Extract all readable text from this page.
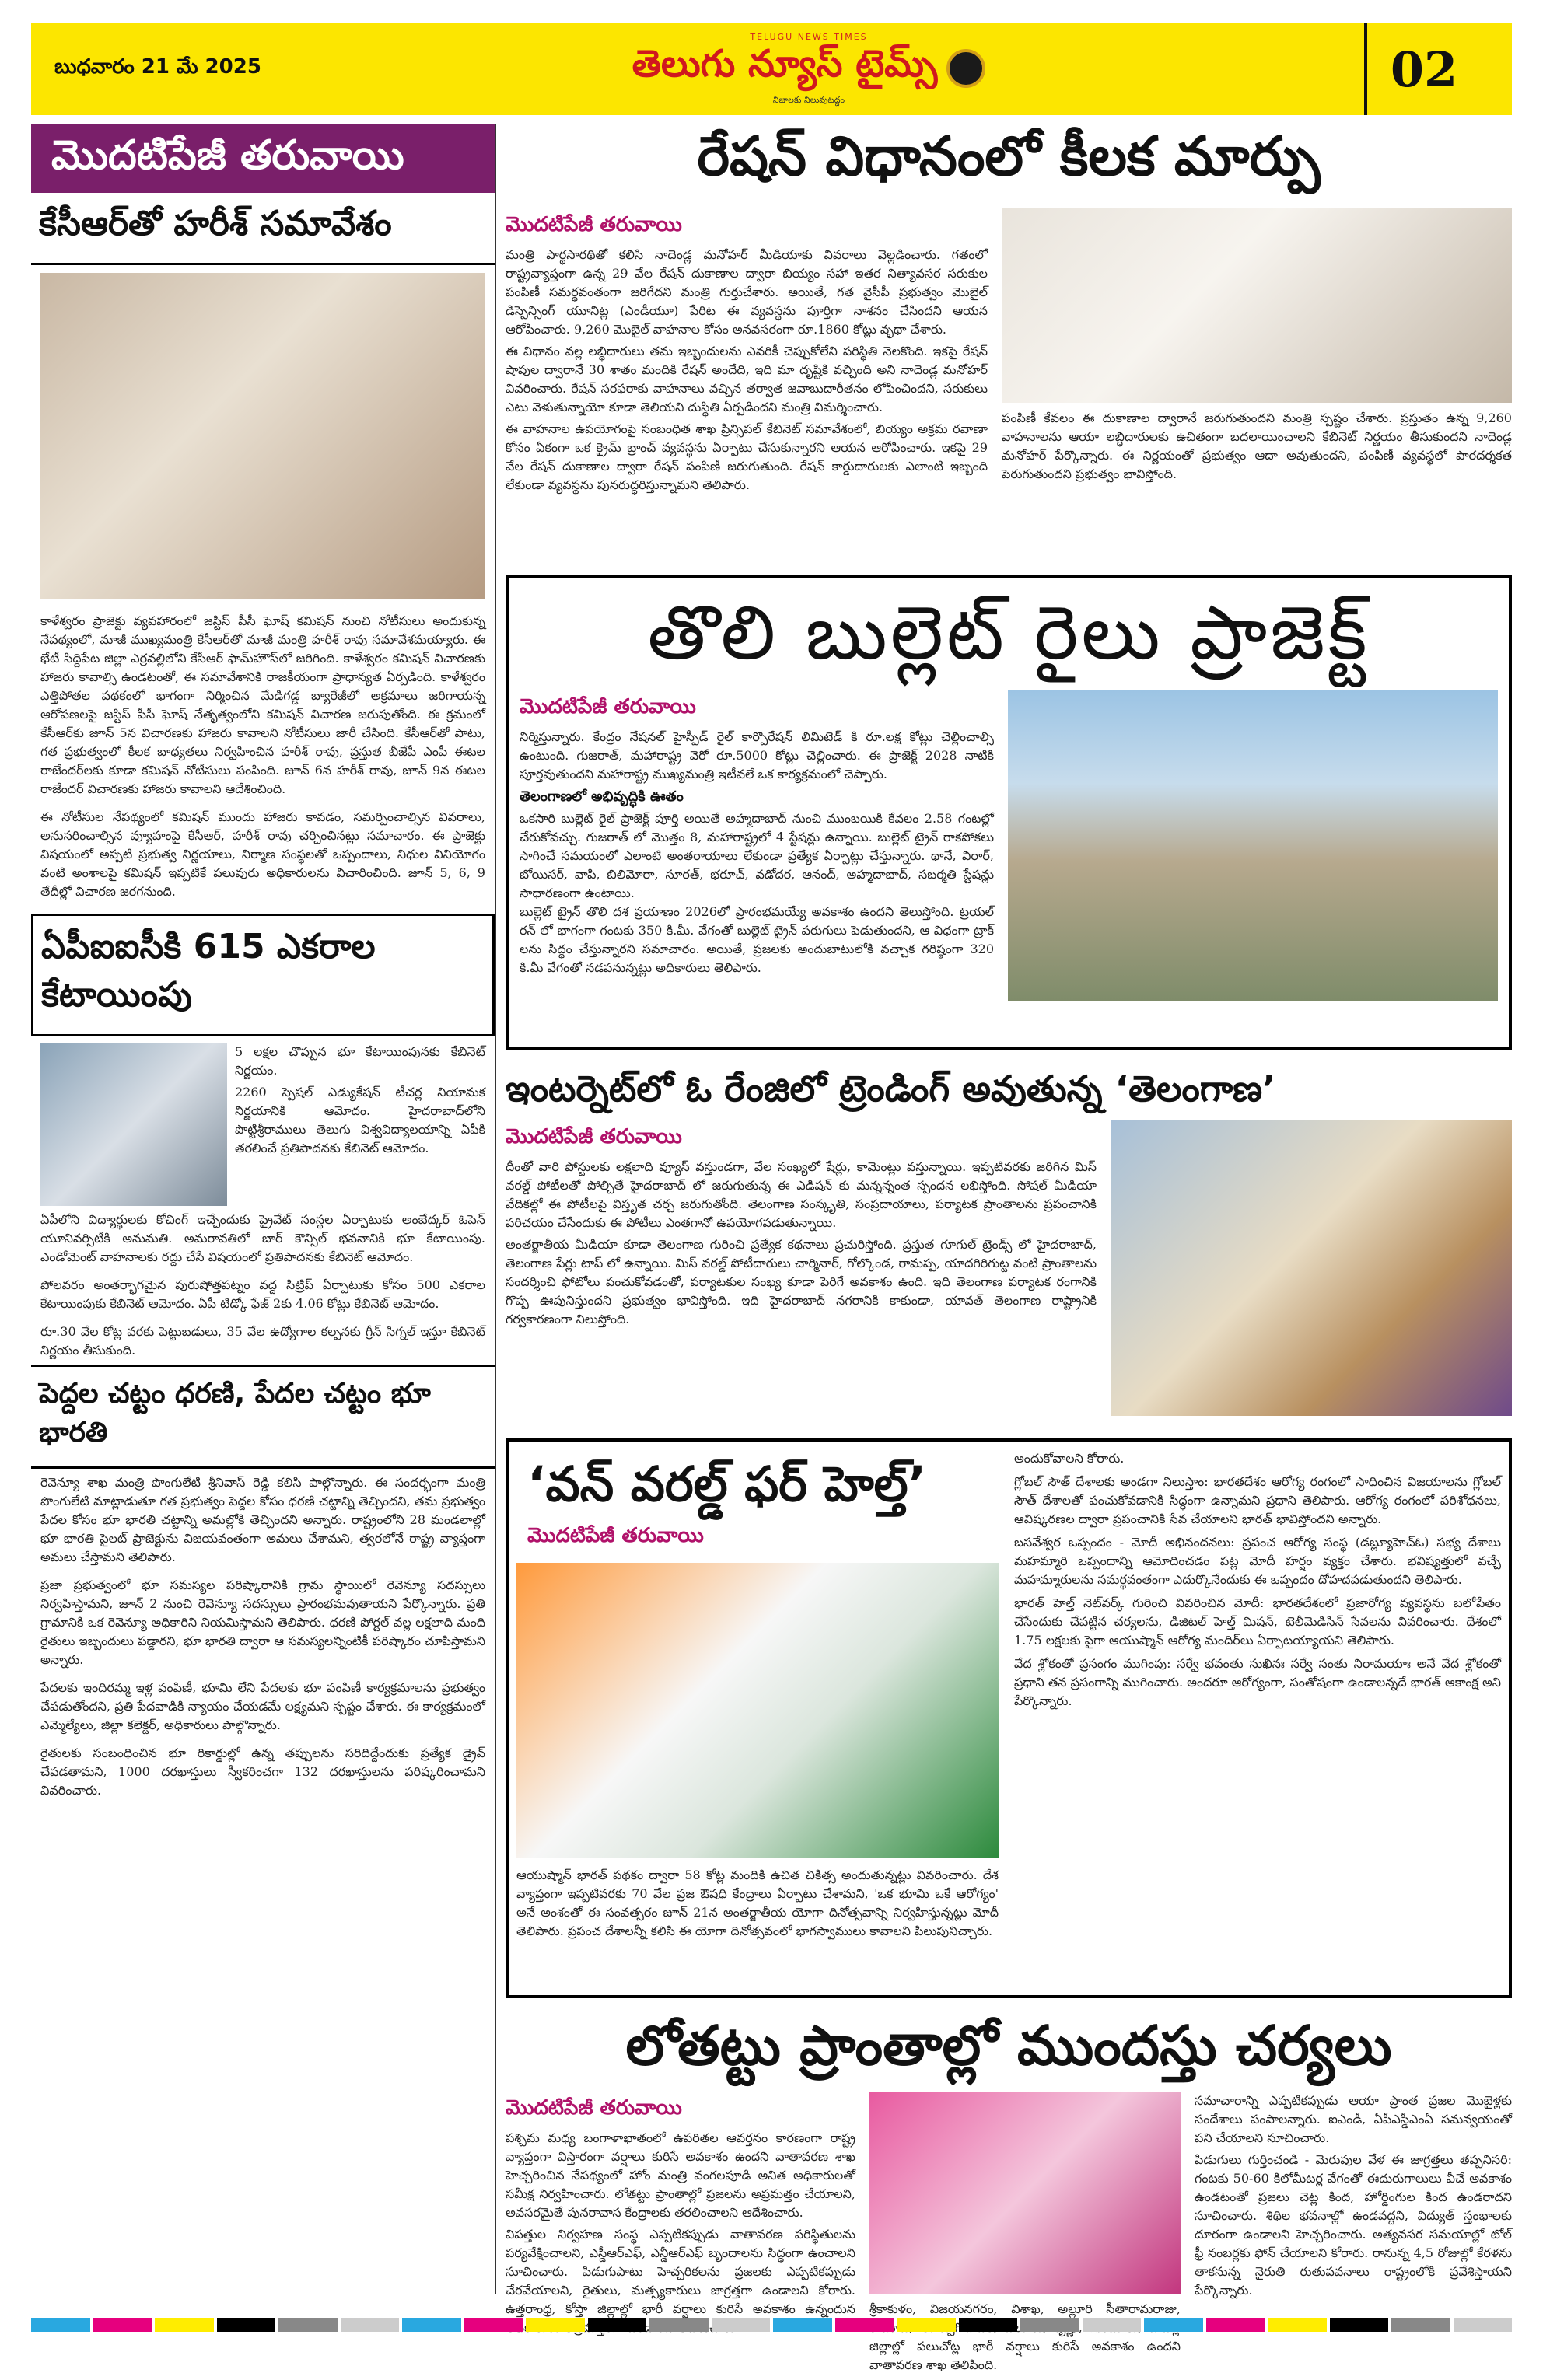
బుధవారం 21 మే 2025
TELUGU NEWS TIMES
తెలుగు న్యూస్ టైమ్స్
నిజాలకు నిలువుటద్దం
02
మొదటిపేజీ తరువాయి
కేసీఆర్‌తో హరీశ్ సమావేశం

కాళేశ్వరం ప్రాజెక్టు వ్యవహారంలో జస్టిస్ పీసీ ఘోష్ కమిషన్ నుంచి నోటీసులు అందుకున్న నేపథ్యంలో, మాజీ ముఖ్యమంత్రి కేసీఆర్‌తో మాజీ మంత్రి హరీశ్ రావు సమావేశమయ్యారు. ఈ భేటీ సిద్దిపేట జిల్లా ఎర్రవల్లిలోని కేసీఆర్ ఫామ్‌హౌస్‌లో జరిగింది. కాళేశ్వరం కమిషన్ విచారణకు హాజరు కావాల్సి ఉండటంతో, ఈ సమావేశానికి రాజకీయంగా ప్రాధాన్యత ఏర్పడింది. కాళేశ్వరం ఎత్తిపోతల పథకంలో భాగంగా నిర్మించిన మేడిగడ్డ బ్యారేజీలో అక్రమాలు జరిగాయన్న ఆరోపణలపై జస్టిస్ పీసీ ఘోష్ నేతృత్వంలోని కమిషన్ విచారణ జరుపుతోంది. ఈ క్రమంలో కేసీఆర్‌కు జూన్ 5న విచారణకు హాజరు కావాలని నోటీసులు జారీ చేసింది. కేసీఆర్‌తో పాటు, గత ప్రభుత్వంలో కీలక బాధ్యతలు నిర్వహించిన హరీశ్ రావు, ప్రస్తుత బీజేపీ ఎంపీ ఈటల రాజేందర్‌లకు కూడా కమిషన్ నోటీసులు పంపింది. జూన్ 6న హరీశ్ రావు, జూన్ 9న ఈటల రాజేందర్ విచారణకు హాజరు కావాలని ఆదేశించింది.

ఈ నోటీసుల నేపథ్యంలో కమిషన్ ముందు హాజరు కావడం, సమర్పించాల్సిన వివరాలు, అనుసరించాల్సిన వ్యూహంపై కేసీఆర్, హరీశ్ రావు చర్చించినట్లు సమాచారం. ఈ ప్రాజెక్టు విషయంలో అప్పటి ప్రభుత్వ నిర్ణయాలు, నిర్మాణ సంస్థలతో ఒప్పందాలు, నిధుల వినియోగం వంటి అంశాలపై కమిషన్ ఇప్పటికే పలువురు అధికారులను విచారించింది. జూన్ 5, 6, 9 తేదీల్లో విచారణ జరగనుంది.

ఏపీఐఐసీకి 615 ఎకరాల కేటాయింపు

5 లక్షల చొప్పున భూ కేటాయింపునకు కేబినెట్ నిర్ణయం.

2260 స్పెషల్ ఎడ్యుకేషన్ టీచర్ల నియామక నిర్ణయానికి ఆమోదం. హైదరాబాద్‌లోని పొట్టిశ్రీరాములు తెలుగు విశ్వవిద్యాలయాన్ని ఏపీకి తరలించే ప్రతిపాదనకు కేబినెట్ ఆమోదం.

ఏపీలోని విద్యార్థులకు కోచింగ్ ఇచ్చేందుకు ప్రైవేట్ సంస్థల ఏర్పాటుకు అంబేద్కర్ ఓపెన్ యూనివర్సిటీకి అనుమతి. అమరావతిలో బార్ కౌన్సిల్ భవనానికి భూ కేటాయింపు. ఎండోమెంట్ వాహనాలకు రద్దు చేసే విషయంలో ప్రతిపాదనకు కేబినెట్ ఆమోదం.

పోలవరం అంతర్భాగమైన పురుషోత్తపట్నం వద్ద సిట్రిప్ ఏర్పాటుకు కోసం 500 ఎకరాల కేటాయింపుకు కేబినెట్ ఆమోదం. ఏపీ టిడ్కో ఫేజ్ 2కు 4.06 కోట్లు కేబినెట్ ఆమోదం.

రూ.30 వేల కోట్ల వరకు పెట్టుబడులు, 35 వేల ఉద్యోగాల కల్పనకు గ్రీన్ సిగ్నల్ ఇస్తూ కేబినెట్ నిర్ణయం తీసుకుంది.

పెద్దల చట్టం ధరణి, పేదల చట్టం భూ భారతి

రెవెన్యూ శాఖ మంత్రి పొంగులేటి శ్రీనివాస్ రెడ్డి కలిసి పాల్గొన్నారు. ఈ సందర్భంగా మంత్రి పొంగులేటి మాట్లాడుతూ గత ప్రభుత్వం పెద్దల కోసం ధరణి చట్టాన్ని తెచ్చిందని, తమ ప్రభుత్వం పేదల కోసం భూ భారతి చట్టాన్ని అమల్లోకి తెచ్చిందని అన్నారు. రాష్ట్రంలోని 28 మండలాల్లో భూ భారతి పైలట్ ప్రాజెక్టును విజయవంతంగా అమలు చేశామని, త్వరలోనే రాష్ట్ర వ్యాప్తంగా అమలు చేస్తామని తెలిపారు.

ప్రజా ప్రభుత్వంలో భూ సమస్యల పరిష్కారానికి గ్రామ స్థాయిలో రెవెన్యూ సదస్సులు నిర్వహిస్తామని, జూన్ 2 నుంచి రెవెన్యూ సదస్సులు ప్రారంభమవుతాయని పేర్కొన్నారు. ప్రతి గ్రామానికి ఒక రెవెన్యూ అధికారిని నియమిస్తామని తెలిపారు. ధరణి పోర్టల్ వల్ల లక్షలాది మంది రైతులు ఇబ్బందులు పడ్డారని, భూ భారతి ద్వారా ఆ సమస్యలన్నింటికీ పరిష్కారం చూపిస్తామని అన్నారు.

పేదలకు ఇందిరమ్మ ఇళ్ల పంపిణీ, భూమి లేని పేదలకు భూ పంపిణీ కార్యక్రమాలను ప్రభుత్వం చేపడుతోందని, ప్రతి పేదవాడికి న్యాయం చేయడమే లక్ష్యమని స్పష్టం చేశారు. ఈ కార్యక్రమంలో ఎమ్మెల్యేలు, జిల్లా కలెక్టర్, అధికారులు పాల్గొన్నారు.

రైతులకు సంబంధించిన భూ రికార్డుల్లో ఉన్న తప్పులను సరిదిద్దేందుకు ప్రత్యేక డ్రైవ్ చేపడతామని, 1000 దరఖాస్తులు స్వీకరించగా 132 దరఖాస్తులను పరిష్కరించామని వివరించారు.

రేషన్ విధానంలో కీలక మార్పు
మొదటిపేజీ తరువాయి

మంత్రి పార్థసారథితో కలిసి నాదెండ్ల మనోహర్ మీడియాకు వివరాలు వెల్లడించారు. గతంలో రాష్ట్రవ్యాప్తంగా ఉన్న 29 వేల రేషన్ దుకాణాల ద్వారా బియ్యం సహా ఇతర నిత్యావసర సరుకుల పంపిణీ సమర్థవంతంగా జరిగేదని మంత్రి గుర్తుచేశారు. అయితే, గత వైసీపీ ప్రభుత్వం మొబైల్ డిస్పెన్సింగ్ యూనిట్ల (ఎండీయూ) పేరిట ఈ వ్యవస్థను పూర్తిగా నాశనం చేసిందని ఆయన ఆరోపించారు. 9,260 మొబైల్ వాహనాల కోసం అనవసరంగా రూ.1860 కోట్లు వృథా చేశారు.

ఈ విధానం వల్ల లబ్ధిదారులు తమ ఇబ్బందులను ఎవరికీ చెప్పుకోలేని పరిస్థితి నెలకొంది. ఇకపై రేషన్ షాపుల ద్వారానే 30 శాతం మందికి రేషన్ అందేది, ఇది మా దృష్టికి వచ్చింది అని నాదెండ్ల మనోహర్ వివరించారు. రేషన్ సరఫరాకు వాహనాలు వచ్చిన తర్వాత జవాబుదారీతనం లోపించిందని, సరుకులు ఎటు వెళుతున్నాయో కూడా తెలియని దుస్థితి ఏర్పడిందని మంత్రి విమర్శించారు.

ఈ వాహనాల ఉపయోగంపై సంబంధిత శాఖ ప్రిన్సిపల్ కేబినెట్ సమావేశంలో, బియ్యం అక్రమ రవాణా కోసం ఏకంగా ఒక క్రైమ్ బ్రాంచ్ వ్యవస్థను ఏర్పాటు చేసుకున్నారని ఆయన ఆరోపించారు. ఇకపై 29 వేల రేషన్ దుకాణాల ద్వారా రేషన్ పంపిణీ జరుగుతుంది. రేషన్ కార్డుదారులకు ఎలాంటి ఇబ్బంది లేకుండా వ్యవస్థను పునరుద్ధరిస్తున్నామని తెలిపారు.

పంపిణీ కేవలం ఈ దుకాణాల ద్వారానే జరుగుతుందని మంత్రి స్పష్టం చేశారు. ప్రస్తుతం ఉన్న 9,260 వాహనాలను ఆయా లబ్ధిదారులకు ఉచితంగా బదలాయించాలని కేబినెట్ నిర్ణయం తీసుకుందని నాదెండ్ల మనోహర్ పేర్కొన్నారు. ఈ నిర్ణయంతో ప్రభుత్వం ఆదా అవుతుందని, పంపిణీ వ్యవస్థలో పారదర్శకత పెరుగుతుందని ప్రభుత్వం భావిస్తోంది.

తొలి బుల్లెట్ రైలు ప్రాజెక్ట్
మొదటిపేజీ తరువాయి

నిర్మిస్తున్నారు. కేంద్రం నేషనల్ హైస్పీడ్ రైల్ కార్పొరేషన్ లిమిటెడ్ కి రూ.లక్ష కోట్లు చెల్లించాల్సి ఉంటుంది. గుజరాత్, మహారాష్ట్ర వెరో రూ.5000 కోట్లు చెల్లించారు. ఈ ప్రాజెక్ట్ 2028 నాటికి పూర్తవుతుందని మహారాష్ట్ర ముఖ్యమంత్రి ఇటీవలే ఒక కార్యక్రమంలో చెప్పారు.

తెలంగాణలో అభివృద్ధికి ఊతం

ఒకసారి బుల్లెట్ రైల్ ప్రాజెక్ట్ పూర్తి అయితే అహ్మదాబాద్ నుంచి ముంబయికి కేవలం 2.58 గంటల్లో చేరుకోవచ్చు. గుజరాత్ లో మొత్తం 8, మహారాష్ట్రలో 4 స్టేషన్లు ఉన్నాయి. బుల్లెట్ ట్రైన్ రాకపోకలు సాగించే సమయంలో ఎలాంటి అంతరాయాలు లేకుండా ప్రత్యేక ఏర్పాట్లు చేస్తున్నారు. థానే, విరార్, బోయిసర్, వాపి, బిలిమోరా, సూరత్, భరూచ్, వడోదర, ఆనంద్, అహ్మదాబాద్, సబర్మతి స్టేషన్లు సాధారణంగా ఉంటాయి.

బుల్లెట్ ట్రైన్ తొలి దశ ప్రయాణం 2026లో ప్రారంభమయ్యే అవకాశం ఉందని తెలుస్తోంది. ట్రయల్ రన్ లో భాగంగా గంటకు 350 కి.మీ. వేగంతో బుల్లెట్ ట్రైన్ పరుగులు పెడుతుందని, ఆ విధంగా ట్రాక్ లను సిద్ధం చేస్తున్నారని సమాచారం. అయితే, ప్రజలకు అందుబాటులోకి వచ్చాక గరిష్ఠంగా 320 కి.మీ వేగంతో నడపనున్నట్లు అధికారులు తెలిపారు.

ఇంటర్నెట్‌లో ఓ రేంజిలో ట్రెండింగ్ అవుతున్న ‘తెలంగాణ’
మొదటిపేజీ తరువాయి

దీంతో వారి పోస్టులకు లక్షలాది వ్యూస్ వస్తుండగా, వేల సంఖ్యలో షేర్లు, కామెంట్లు వస్తున్నాయి. ఇప్పటివరకు జరిగిన మిస్ వరల్డ్ పోటీలతో పోల్చితే హైదరాబాద్ లో జరుగుతున్న ఈ ఎడిషన్ కు మన్నన్నంత స్పందన లభిస్తోంది. సోషల్ మీడియా వేదికల్లో ఈ పోటీలపై విస్తృత చర్చ జరుగుతోంది. తెలంగాణ సంస్కృతి, సంప్రదాయాలు, పర్యాటక ప్రాంతాలను ప్రపంచానికి పరిచయం చేసేందుకు ఈ పోటీలు ఎంతగానో ఉపయోగపడుతున్నాయి.

అంతర్జాతీయ మీడియా కూడా తెలంగాణ గురించి ప్రత్యేక కథనాలు ప్రచురిస్తోంది. ప్రస్తుత గూగుల్ ట్రెండ్స్ లో హైదరాబాద్, తెలంగాణ పేర్లు టాప్ లో ఉన్నాయి. మిస్ వరల్డ్ పోటీదారులు చార్మినార్, గోల్కొండ, రామప్ప, యాదగిరిగుట్ట వంటి ప్రాంతాలను సందర్శించి ఫోటోలు పంచుకోవడంతో, పర్యాటకుల సంఖ్య కూడా పెరిగే అవకాశం ఉంది. ఇది తెలంగాణ పర్యాటక రంగానికి గొప్ప ఊపునిస్తుందని ప్రభుత్వం భావిస్తోంది. ఇది హైదరాబాద్ నగరానికి కాకుండా, యావత్ తెలంగాణ రాష్ట్రానికి గర్వకారణంగా నిలుస్తోంది.

‘వన్ వరల్డ్ ఫర్ హెల్త్’
మొదటిపేజీ తరువాయి

ఆయుష్మాన్ భారత్ పథకం ద్వారా 58 కోట్ల మందికి ఉచిత చికిత్స అందుతున్నట్లు వివరించారు. దేశ వ్యాప్తంగా ఇప్పటివరకు 70 వేల ప్రజ ఔషధి కేంద్రాలు ఏర్పాటు చేశామని, 'ఒక భూమి ఒకే ఆరోగ్యం' అనే అంశంతో ఈ సంవత్సరం జూన్ 21న అంతర్జాతీయ యోగా దినోత్సవాన్ని నిర్వహిస్తున్నట్లు మోదీ తెలిపారు. ప్రపంచ దేశాలన్నీ కలిసి ఈ యోగా దినోత్సవంలో భాగస్వాములు కావాలని పిలుపునిచ్చారు.

అందుకోవాలని కోరారు.

గ్లోబల్ సౌత్ దేశాలకు అండగా నిలుస్తాం: భారతదేశం ఆరోగ్య రంగంలో సాధించిన విజయాలను గ్లోబల్ సౌత్ దేశాలతో పంచుకోవడానికి సిద్ధంగా ఉన్నామని ప్రధాని తెలిపారు. ఆరోగ్య రంగంలో పరిశోధనలు, ఆవిష్కరణల ద్వారా ప్రపంచానికి సేవ చేయాలని భారత్ భావిస్తోందని అన్నారు.

బసవేశ్వర ఒప్పందం - మోదీ అభినందనలు: ప్రపంచ ఆరోగ్య సంస్థ (డబ్ల్యూహెచ్ఓ) సభ్య దేశాలు మహమ్మారి ఒప్పందాన్ని ఆమోదించడం పట్ల మోదీ హర్షం వ్యక్తం చేశారు. భవిష్యత్తులో వచ్చే మహమ్మారులను సమర్థవంతంగా ఎదుర్కొనేందుకు ఈ ఒప్పందం దోహదపడుతుందని తెలిపారు.

భారత్ హెల్త్ నెట్‌వర్క్ గురించి వివరించిన మోదీ: భారతదేశంలో ప్రజారోగ్య వ్యవస్థను బలోపేతం చేసేందుకు చేపట్టిన చర్యలను, డిజిటల్ హెల్త్ మిషన్, టెలీమెడిసిన్ సేవలను వివరించారు. దేశంలో 1.75 లక్షలకు పైగా ఆయుష్మాన్ ఆరోగ్య మందిర్‌లు ఏర్పాటయ్యాయని తెలిపారు.

వేద శ్లోకంతో ప్రసంగం ముగింపు: సర్వే భవంతు సుఖినః సర్వే సంతు నిరామయాః అనే వేద శ్లోకంతో ప్రధాని తన ప్రసంగాన్ని ముగించారు. అందరూ ఆరోగ్యంగా, సంతోషంగా ఉండాలన్నదే భారత్ ఆకాంక్ష అని పేర్కొన్నారు.

లోతట్టు ప్రాంతాల్లో ముందస్తు చర్యలు
మొదటిపేజీ తరువాయి

పశ్చిమ మధ్య బంగాళాఖాతంలో ఉపరితల ఆవర్తనం కారణంగా రాష్ట్ర వ్యాప్తంగా విస్తారంగా వర్షాలు కురిసే అవకాశం ఉందని వాతావరణ శాఖ హెచ్చరించిన నేపథ్యంలో హోం మంత్రి వంగలపూడి అనిత అధికారులతో సమీక్ష నిర్వహించారు. లోతట్టు ప్రాంతాల్లో ప్రజలను అప్రమత్తం చేయాలని, అవసరమైతే పునరావాస కేంద్రాలకు తరలించాలని ఆదేశించారు.

విపత్తుల నిర్వహణ సంస్థ ఎప్పటికప్పుడు వాతావరణ పరిస్థితులను పర్యవేక్షించాలని, ఎస్డీఆర్ఎఫ్, ఎన్డీఆర్ఎఫ్ బృందాలను సిద్ధంగా ఉంచాలని సూచించారు. పిడుగుపాటు హెచ్చరికలను ప్రజలకు ఎప్పటికప్పుడు చేరవేయాలని, రైతులు, మత్స్యకారులు జాగ్రత్తగా ఉండాలని కోరారు. ఉత్తరాంధ్ర, కోస్తా జిల్లాల్లో భారీ వర్షాలు కురిసే అవకాశం ఉన్నందున ఆదేశించారు.

శ్రీకాకుళం, విజయనగరం, విశాఖ, అల్లూరి సీతారామరాజు, జిల్లాల్లో పలుచోట్ల భారీ వర్షాలు కురిసే అవకాశం ఉందని వాతావరణ శాఖ తెలిపింది.

సమాచారాన్ని ఎప్పటికప్పుడు ఆయా ప్రాంత ప్రజల మొబైళ్లకు సందేశాలు పంపాలన్నారు. ఐఎండీ, ఏపీఎస్డీఎంఏ సమన్వయంతో పని చేయాలని సూచించారు.

పిడుగులు గుర్తించండి - మెరుపుల వేళ ఈ జాగ్రత్తలు తప్పనిసరి: గంటకు 50-60 కిలోమీటర్ల వేగంతో ఈదురుగాలులు వీచే అవకాశం ఉండటంతో ప్రజలు చెట్ల కింద, హోర్డింగుల కింద ఉండరాదని సూచించారు. శిథిల భవనాల్లో ఉండవద్దని, విద్యుత్ స్తంభాలకు దూరంగా ఉండాలని హెచ్చరించారు. అత్యవసర సమయాల్లో టోల్ ఫ్రీ నంబర్లకు ఫోన్ చేయాలని కోరారు. రానున్న 4,5 రోజుల్లో కేరళను తాకనున్న నైరుతి రుతుపవనాలు రాష్ట్రంలోకి ప్రవేశిస్తాయని పేర్కొన్నారు.
